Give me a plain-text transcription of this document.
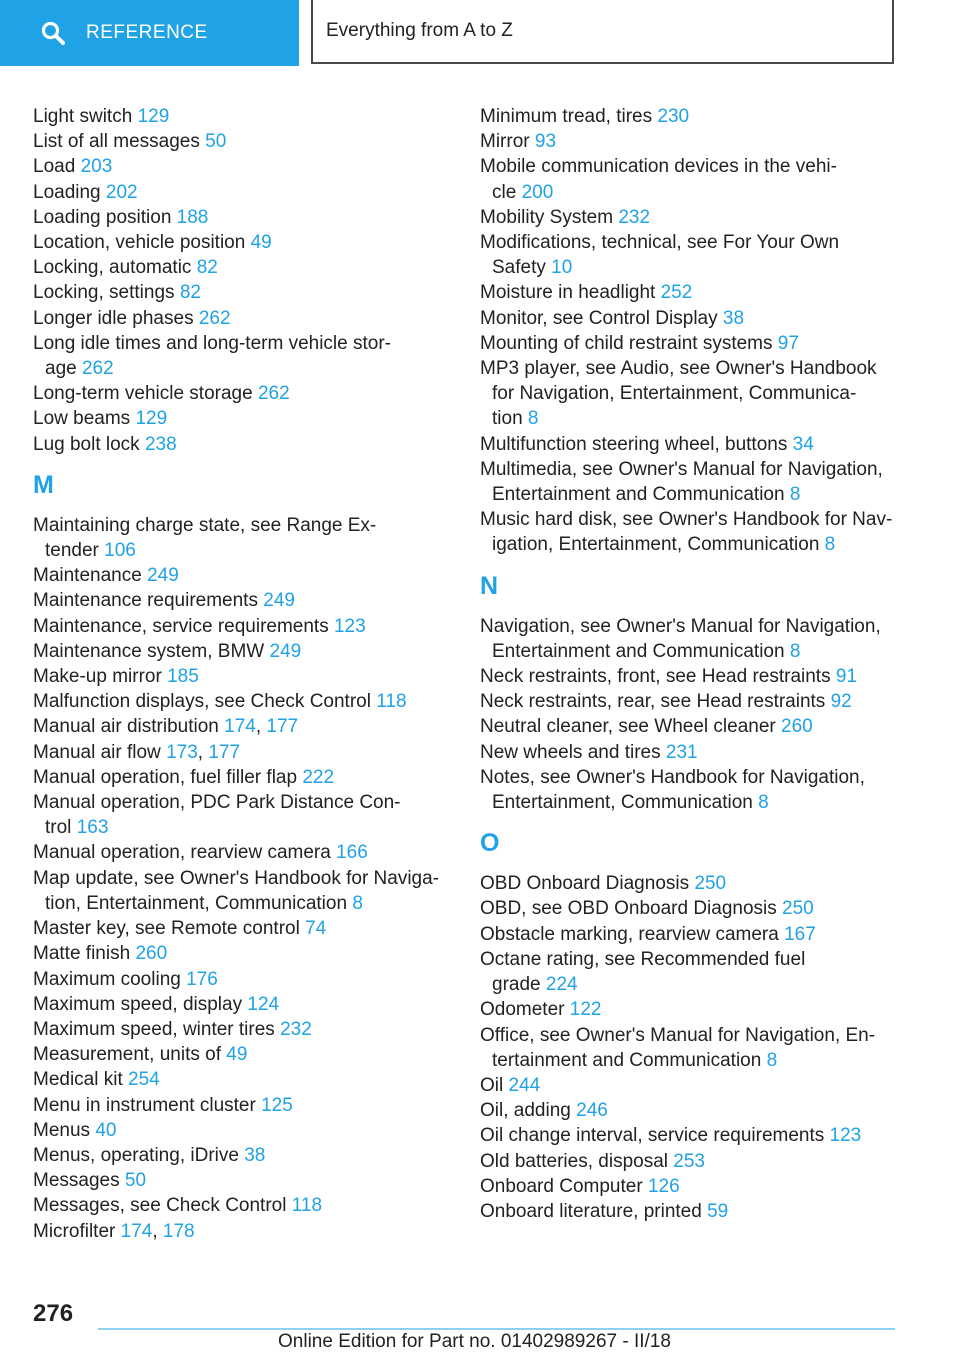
REFERENCE	Everything from A to Z
Light switch 129
List of all messages 50
Load 203
Loading 202
Loading position 188
Location, vehicle position 49
Locking, automatic 82
Locking, settings 82
Longer idle phases 262
Long idle times and long-term vehicle stor-
age 262
Long-term vehicle storage 262
Low beams 129
Lug bolt lock 238
M
Maintaining charge state, see Range Ex-
tender 106
Maintenance 249
Maintenance requirements 249
Maintenance, service requirements 123
Maintenance system, BMW 249
Make-up mirror 185
Malfunction displays, see Check Control 118
Manual air distribution 174, 177
Manual air flow 173, 177
Manual operation, fuel filler flap 222
Manual operation, PDC Park Distance Con-
trol 163
Manual operation, rearview camera 166
Map update, see Owner's Handbook for Naviga-
tion, Entertainment, Communication 8
Master key, see Remote control 74
Matte finish 260
Maximum cooling 176
Maximum speed, display 124
Maximum speed, winter tires 232
Measurement, units of 49
Medical kit 254
Menu in instrument cluster 125
Menus 40
Menus, operating, iDrive 38
Messages 50
Messages, see Check Control 118
Microfilter 174, 178
Minimum tread, tires 230
Mirror 93
Mobile communication devices in the vehi-
cle 200
Mobility System 232
Modifications, technical, see For Your Own
Safety 10
Moisture in headlight 252
Monitor, see Control Display 38
Mounting of child restraint systems 97
MP3 player, see Audio, see Owner's Handbook
for Navigation, Entertainment, Communica-
tion 8
Multifunction steering wheel, buttons 34
Multimedia, see Owner's Manual for Navigation,
Entertainment and Communication 8
Music hard disk, see Owner's Handbook for Nav-
igation, Entertainment, Communication 8
N
Navigation, see Owner's Manual for Navigation,
Entertainment and Communication 8
Neck restraints, front, see Head restraints 91
Neck restraints, rear, see Head restraints 92
Neutral cleaner, see Wheel cleaner 260
New wheels and tires 231
Notes, see Owner's Handbook for Navigation,
Entertainment, Communication 8
O
OBD Onboard Diagnosis 250
OBD, see OBD Onboard Diagnosis 250
Obstacle marking, rearview camera 167
Octane rating, see Recommended fuel
grade 224
Odometer 122
Office, see Owner's Manual for Navigation, En-
tertainment and Communication 8
Oil 244
Oil, adding 246
Oil change interval, service requirements 123
Old batteries, disposal 253
Onboard Computer 126
Onboard literature, printed 59
276
Online Edition for Part no. 01402989267 - II/18
